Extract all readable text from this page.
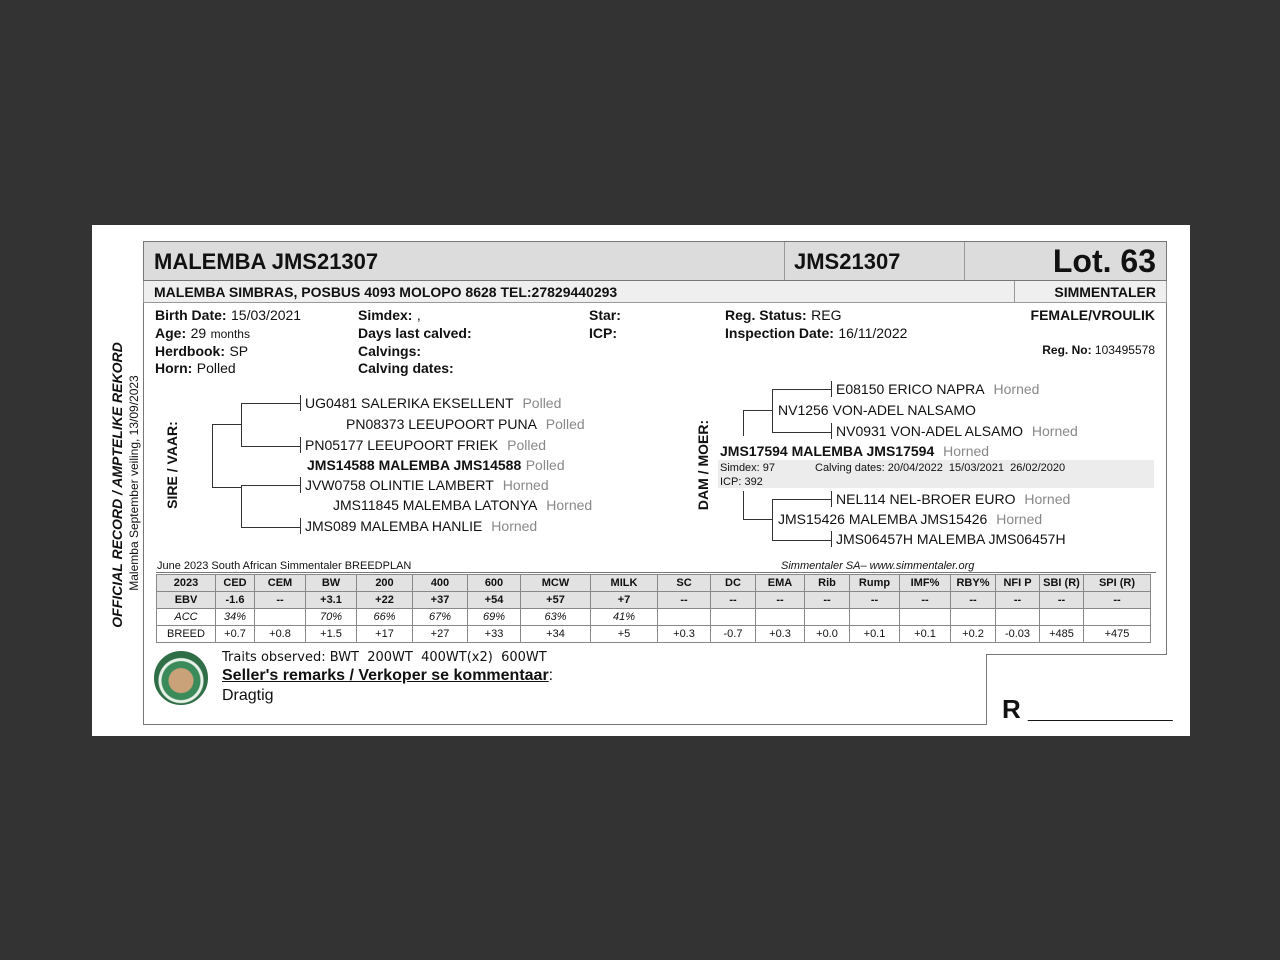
OFFICIAL RECORD / AMPTELIKE REKORD Malemba September veiling, 13/09/2023
MALEMBA JMS21307	JMS21307	Lot. 63
MALEMBA SIMBRAS, POSBUS 4093 MOLOPO 8628 TEL:27829440293	SIMMENTALER
Birth Date: 15/03/2021
Age: 29 months
Herdbook: SP
Horn: Polled
Simdex: ,
Days last calved:
Calvings:
Calving dates:
Star:
ICP:
Reg. Status: REG
Inspection Date: 16/11/2022
FEMALE/VROULIK
Reg. No: 103495578
SIRE / VAAR:
UG0481 SALERIKA EKSELLENT Polled
PN08373 LEEUPOORT PUNA Polled
PN05177 LEEUPOORT FRIEK Polled
JMS14588 MALEMBA JMS14588 Polled
JVW0758 OLINTIE LAMBERT Horned
JMS11845 MALEMBA LATONYA Horned
JMS089 MALEMBA HANLIE Horned
DAM / MOER:
E08150 ERICO NAPRA Horned
NV1256 VON-ADEL NALSAMO
NV0931 VON-ADEL ALSAMO Horned
JMS17594 MALEMBA JMS17594 Horned
Simdex: 97	Calving dates: 20/04/2022  15/03/2021  26/02/2020
ICP: 392
NEL114 NEL-BROER EURO Horned
JMS15426 MALEMBA JMS15426 Horned
JMS06457H MALEMBA JMS06457H
June 2023 South African Simmentaler BREEDPLAN	Simmentaler SA– www.simmentaler.org
2023	CED	CEM	BW	200	400	600	MCW	MILK	SC	DC	EMA	Rib	Rump	IMF%	RBY%	NFI P	SBI (R)	SPI (R)
EBV	-1.6	--	+3.1	+22	+37	+54	+57	+7	--	--	--	--	--	--	--	--	--	--
ACC	34%		70%	66%	67%	69%	63%	41%										
BREED	+0.7	+0.8	+1.5	+17	+27	+33	+34	+5	+0.3	-0.7	+0.3	+0.0	+0.1	+0.1	+0.2	-0.03	+485	+475
Traits observed: BWT  200WT  400WT(x2)  600WT
Seller's remarks / Verkoper se kommentaar:
Dragtig	R __________
